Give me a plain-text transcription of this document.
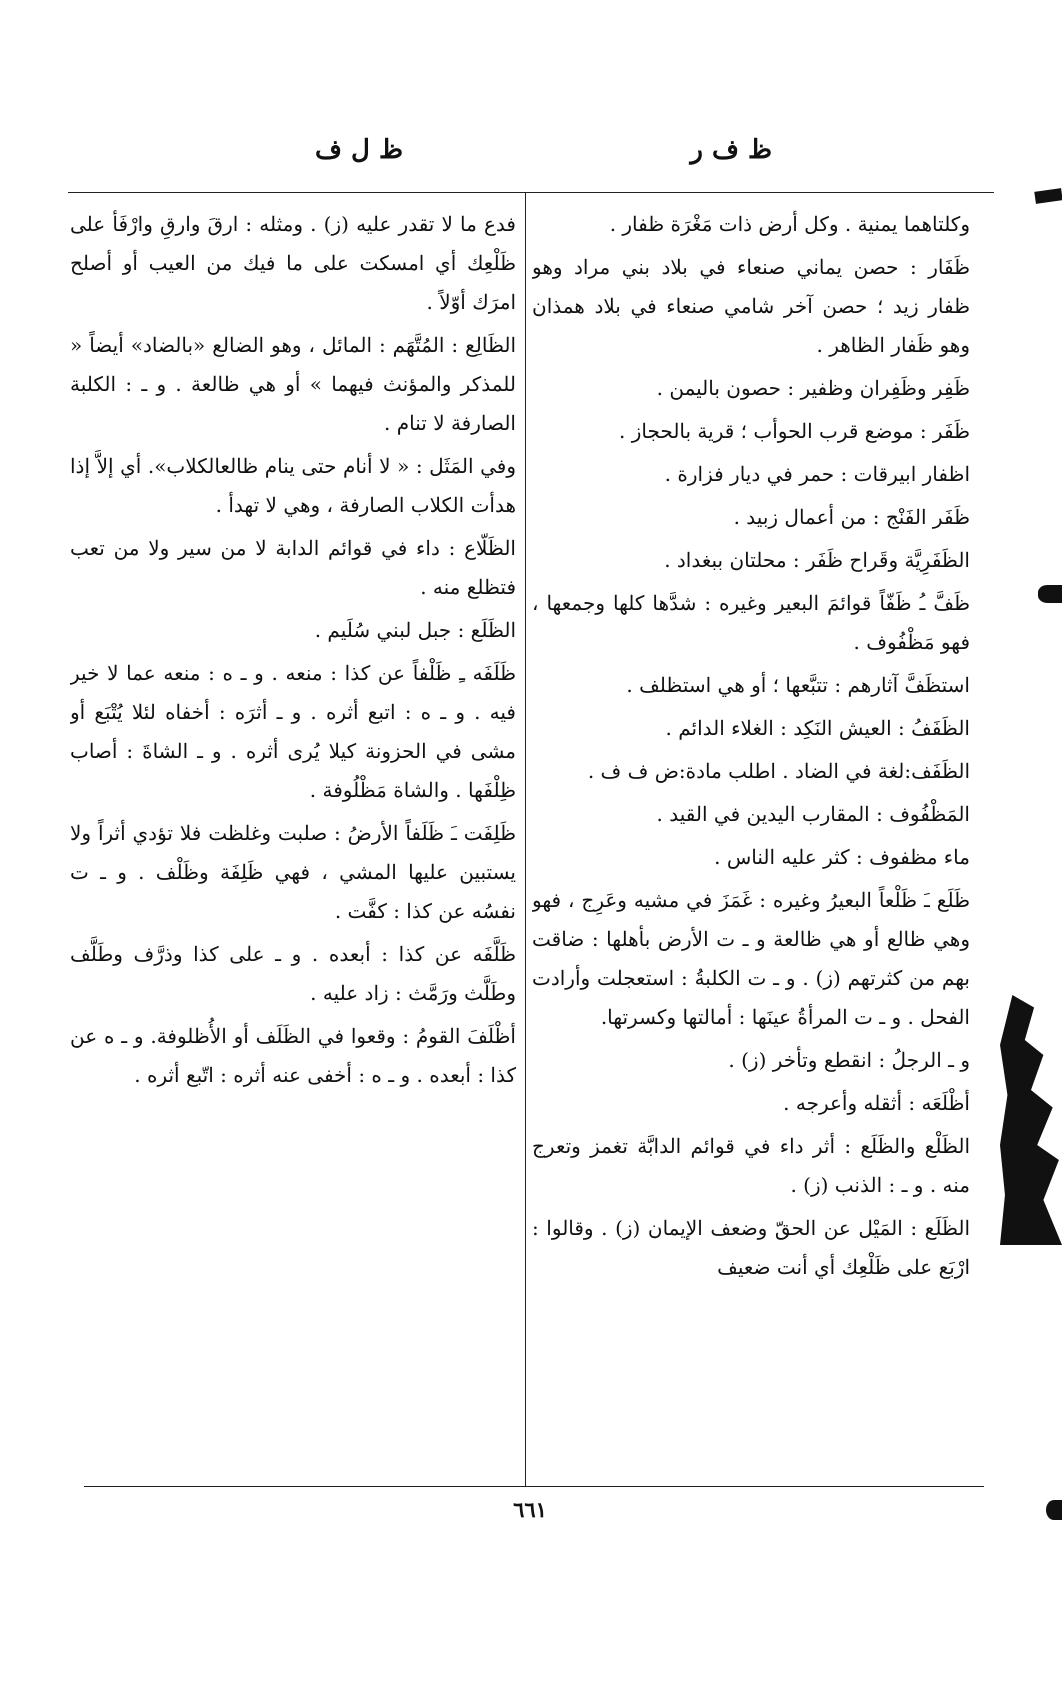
ظ ف ر
ظ ل ف

وكلتاهما يمنية . وكل أرض ذات مَغْرَة ظفار .

ظَفَار : حصن يماني صنعاء في بلاد بني مراد وهو ظفار زيد ؛ حصن آخر شامي صنعاء في بلاد همذان وهو ظَفار الظاهر .

ظَفِر وظَفِران وظفير : حصون باليمن .

ظَفَر : موضع قرب الحوأب ؛ قرية بالحجاز .

اظفار ابيرقات : حمر في ديار فزارة .

ظَفَر الفَنْج : من أعمال زبيد .

الظَفَرِيَّة وقَراح ظَفَر : محلتان ببغداد .

ظَفَّ ـُ ظَفّاً قوائمَ البعير وغيره : شدَّها كلها وجمعها ، فهو مَظْفُوف .

استظَفَّ آثارهم : تتبَّعها ؛ أو هي استظلف .

الظَفَفُ : العيش النَكِد : الغلاء الدائم .

الظَفَف:لغة في الضاد . اطلب مادة:ض ف ف .

المَظْفُوف : المقارب اليدين في القيد .

ماء مظفوف : كثر عليه الناس .

ظَلَع ـَ ظَلْعاً البعيرُ وغيره : غَمَزَ في مشيه وعَرِج ، فهو وهي ظالع أو هي ظالعة و ـ ت الأرض بأهلها : ضاقت بهم من كثرتهم (ز) . و ـ ت الكلبةُ : استعجلت وأرادت الفحل . و ـ ت المرأةُ عينَها : أمالتها وكسرتها.

و ـ الرجلُ : انقطع وتأخر (ز) .

أظْلَعَه : أثقله وأعرجه .

الظَلْع والظَلَع : أثر داء في قوائم الدابَّة تغمز وتعرج منه . و ـ : الذنب (ز) .

الظَلَع : المَيْل عن الحقّ وضعف الإيمان (ز) . وقالوا : ارْبَع على ظَلْعِك أي أنت ضعيف

فدع ما لا تقدر عليه (ز) . ومثله : ارقَ وارقِ وارْفَأ على ظَلْعِك أي امسكت على ما فيك من العيب أو أصلح امرَك أوّلاً .

الظَالِع : المُتَّهَم : المائل ، وهو الضالع «بالضاد» أيضاً « للمذكر والمؤنث فيهما » أو هي ظالعة . و ـ : الكلبة الصارفة لا تنام .

وفي المَثَل : « لا أنام حتى ينام ظالعالكلاب». أي إلاَّ إذا هدأت الكلاب الصارفة ، وهي لا تهدأ .

الظَلّاع : داء في قوائم الدابة لا من سير ولا من تعب فتظلع منه .

الظَلَع : جبل لبني سُلَيم .

ظَلَفَه ـِ ظَلْفاً عن كذا : منعه . و ـ ه : منعه عما لا خير فيه . و ـ ه : اتبع أثره . و ـ أثرَه : أخفاه لئلا يُتْبَع أو مشى في الحزونة كيلا يُرى أثره . و ـ الشاةَ : أصاب ظِلْفَها . والشاة مَظْلُوفة .

ظَلِفَت ـَ ظَلَفاً الأرضُ : صلبت وغلظت فلا تؤدي أثراً ولا يستبين عليها المشي ، فهي ظَلِفَة وظَلْف . و ـ ت نفسُه عن كذا : كفَّت .

ظَلَّفَه عن كذا : أبعده . و ـ على كذا وذرَّف وطَلَّف وطَلَّث ورَمَّث : زاد عليه .

أظْلَفَ القومُ : وقعوا في الظَلَف أو الأُظلوفة. و ـ ه عن كذا : أبعده . و ـ ه : أخفى عنه أثره : اتّبع أثره .

٦٦١
